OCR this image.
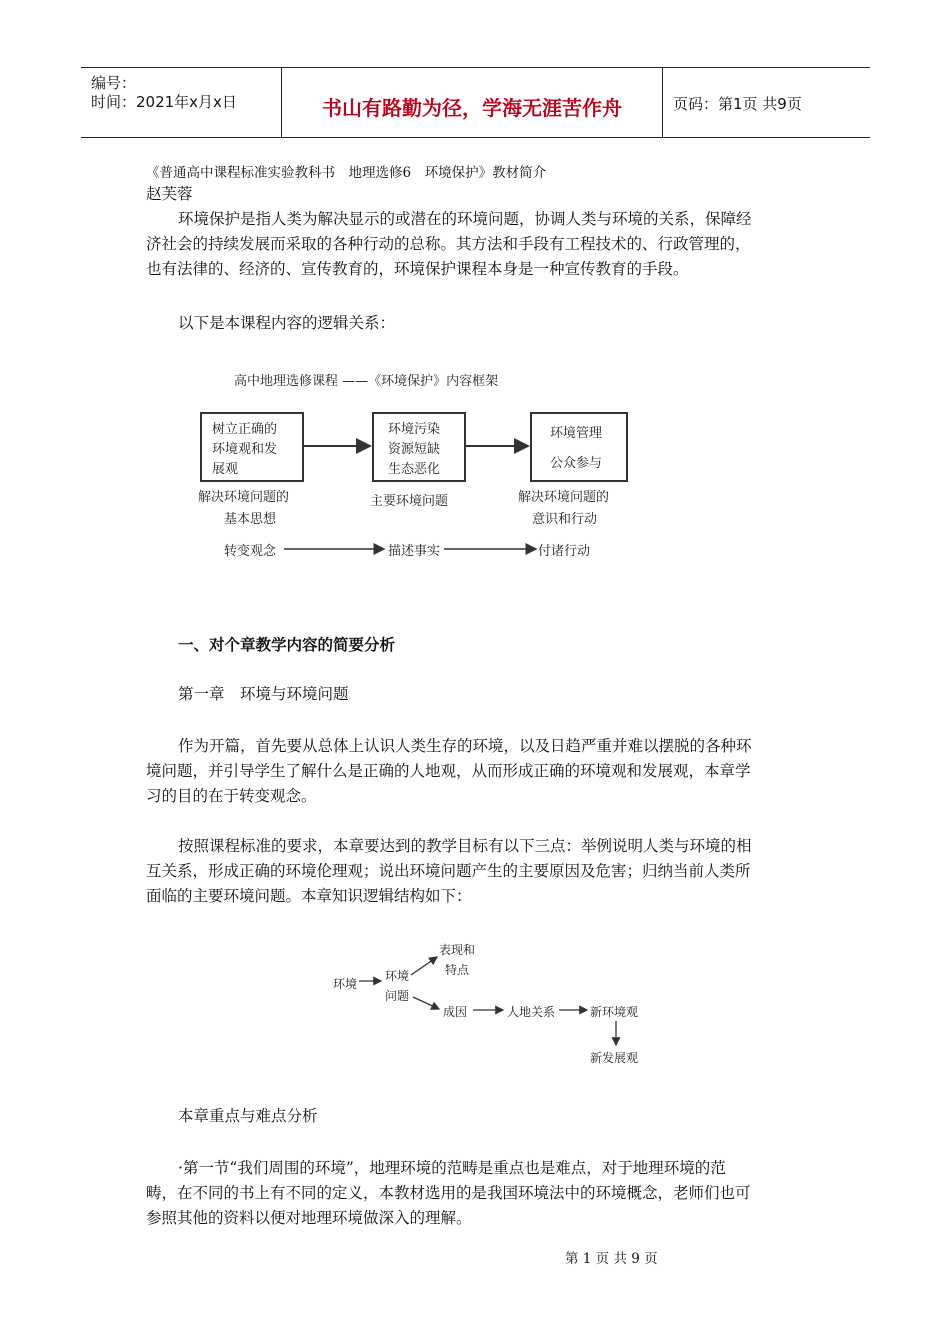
编号：
时间：2021年x月x日	书山有路勤为径，学海无涯苦作舟	页码：第1页 共9页
《普通高中课程标准实验教科书　地理选修6　环境保护》教材简介
赵芙蓉
环境保护是指人类为解决显示的或潜在的环境问题，协调人类与环境的关系，保障经
济社会的持续发展而采取的各种行动的总称。其方法和手段有工程技术的、行政管理的，
也有法律的、经济的、宣传教育的，环境保护课程本身是一种宣传教育的手段。
以下是本课程内容的逻辑关系：
高中地理选修课程 ——《环境保护》内容框架
树立正确的
环境观和发
展观
环境污染
资源短缺
生态恶化
环境管理
公众参与
解决环境问题的
基本思想
主要环境问题	解决环境问题的
意识和行动
转变观念	描述事实	付诸行动
一、对个章教学内容的简要分析
第一章　环境与环境问题
作为开篇，首先要从总体上认识人类生存的环境，以及日趋严重并难以摆脱的各种环
境问题，并引导学生了解什么是正确的人地观，从而形成正确的环境观和发展观，本章学
习的目的在于转变观念。
按照课程标准的要求，本章要达到的教学目标有以下三点：举例说明人类与环境的相
互关系，形成正确的环境伦理观；说出环境问题产生的主要原因及危害；归纳当前人类所
面临的主要环境问题。本章知识逻辑结构如下：
环境
环境
问题
表现和
特点
成因	人地关系	新环境观
新发展观
本章重点与难点分析
·第一节“我们周围的环境”，地理环境的范畴是重点也是难点，对于地理环境的范
畴，在不同的书上有不同的定义，本教材选用的是我国环境法中的环境概念，老师们也可
参照其他的资料以便对地理环境做深入的理解。
第 1 页 共 9 页
